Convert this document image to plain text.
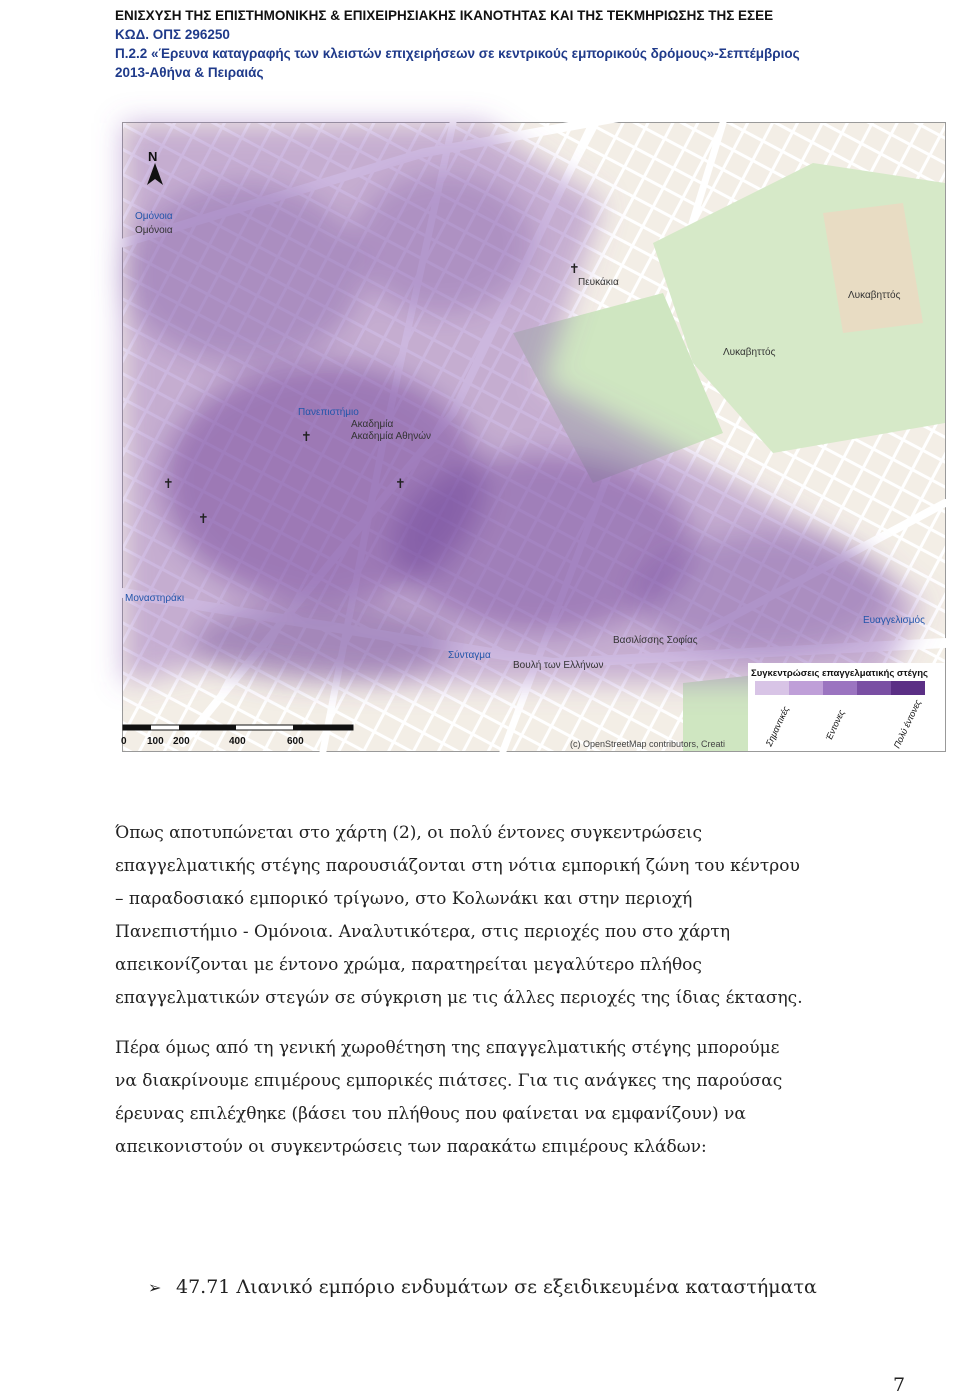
ΕΝΙΣΧΥΣΗ ΤΗΣ ΕΠΙΣΤΗΜΟΝΙΚΗΣ & ΕΠΙΧΕΙΡΗΣΙΑΚΗΣ ΙΚΑΝΟΤΗΤΑΣ ΚΑΙ ΤΗΣ ΤΕΚΜΗΡΙΩΣΗΣ ΤΗΣ ΕΣΕΕ
ΚΩΔ. ΟΠΣ 296250
Π.2.2 «Έρευνα καταγραφής των κλειστών επιχειρήσεων σε κεντρικούς εμπορικούς δρόμους»-Σεπτέμβριος
2013-Αθήνα & Πειραιάς
N
Ομόνοια
Ομόνοια
Πανεπιστήμιο
Ακαδημία
Ακαδημία Αθηνών
Σύνταγμα
Βουλή των Ελλήνων
Λυκαβηττός
Λυκαβηττός
Πευκάκια
Ευαγγελισμός
Βασιλίσσης Σοφίας
Μοναστηράκι
✝
✝
✝
✝
✝
0 100 200	400	600	(c) OpenStreetMap contributors, Creati
Συγκεντρώσεις επαγγελματικής στέγης
Σημαντικές	Έντονες	Πολύ έντονες
Όπως αποτυπώνεται στο χάρτη (2), οι πολύ έντονες συγκεντρώσεις
επαγγελματικής στέγης παρουσιάζονται στη νότια εμπορική ζώνη του κέντρου
– παραδοσιακό εμπορικό τρίγωνο, στο Κολωνάκι και στην περιοχή
Πανεπιστήμιο - Ομόνοια. Αναλυτικότερα, στις περιοχές που στο χάρτη
απεικονίζονται με έντονο χρώμα, παρατηρείται μεγαλύτερο πλήθος
επαγγελματικών στεγών σε σύγκριση με τις άλλες περιοχές της ίδιας έκτασης.
Πέρα όμως από τη γενική χωροθέτηση της επαγγελματικής στέγης μπορούμε
να διακρίνουμε επιμέρους εμπορικές πιάτσες. Για τις ανάγκες της παρούσας
έρευνας επιλέχθηκε (βάσει του πλήθους που φαίνεται να εμφανίζουν) να
απεικονιστούν οι συγκεντρώσεις των παρακάτω επιμέρους κλάδων:
➢ 47.71 Λιανικό εμπόριο ενδυμάτων σε εξειδικευμένα καταστήματα
7
